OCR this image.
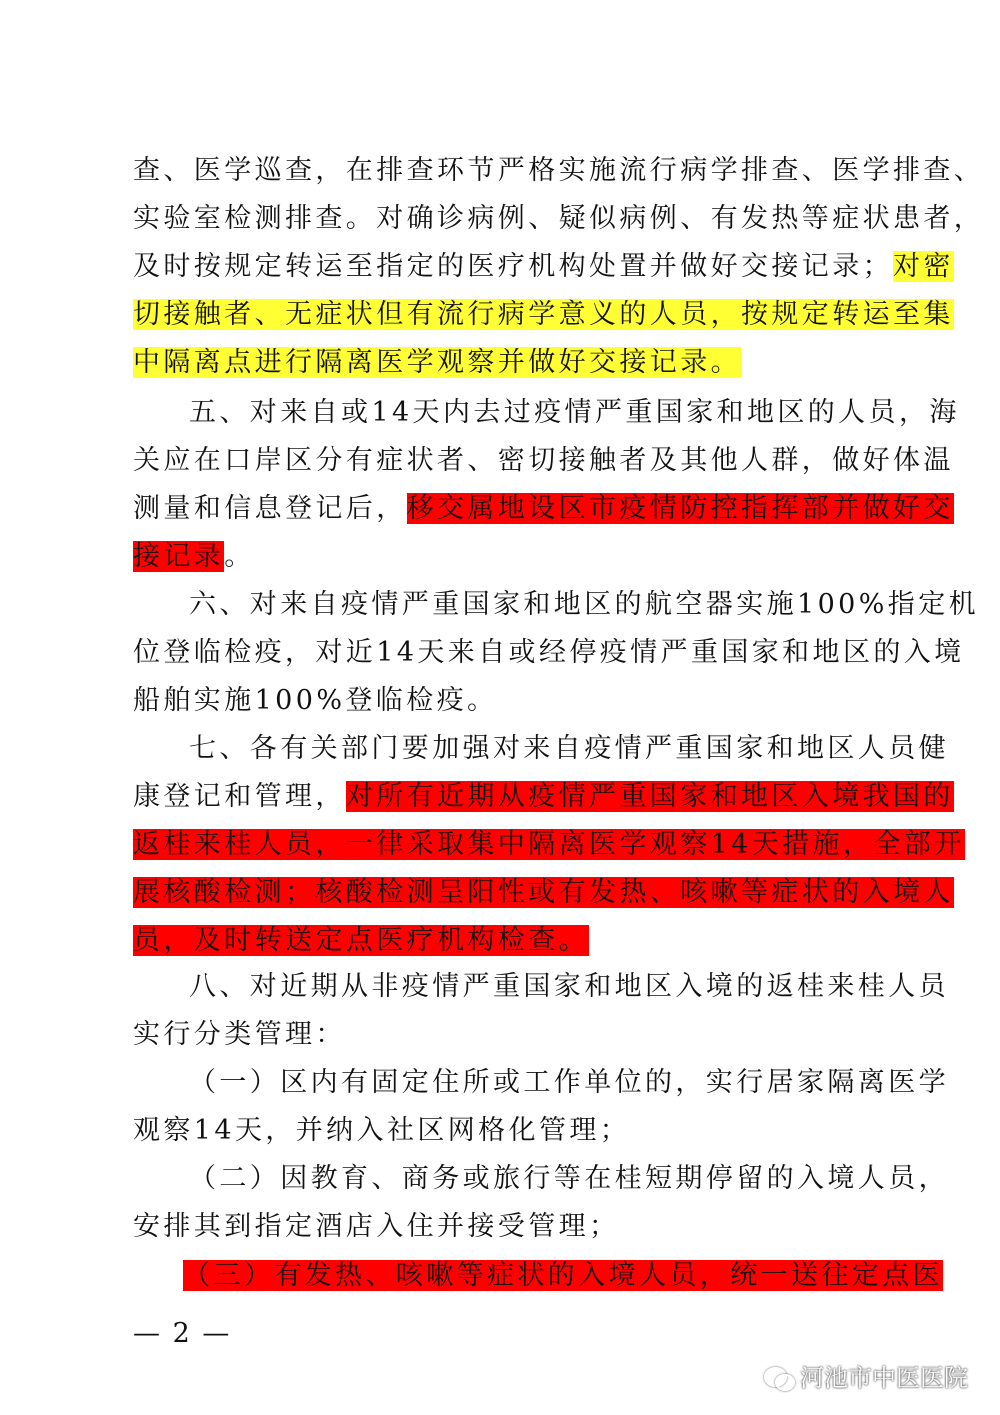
查、医学巡查，在排查环节严格实施流行病学排查、医学排查、
实验室检测排查。对确诊病例、疑似病例、有发热等症状患者，
及时按规定转运至指定的医疗机构处置并做好交接记录；对密
切接触者、无症状但有流行病学意义的人员，按规定转运至集
中隔离点进行隔离医学观察并做好交接记录。
五、对来自或14天内去过疫情严重国家和地区的人员，海
关应在口岸区分有症状者、密切接触者及其他人群，做好体温
测量和信息登记后，移交属地设区市疫情防控指挥部并做好交
接记录。
六、对来自疫情严重国家和地区的航空器实施100%指定机
位登临检疫，对近14天来自或经停疫情严重国家和地区的入境
船舶实施100%登临检疫。
七、各有关部门要加强对来自疫情严重国家和地区人员健
康登记和管理，对所有近期从疫情严重国家和地区入境我国的
返桂来桂人员，一律采取集中隔离医学观察14天措施，全部开
展核酸检测；核酸检测呈阳性或有发热、咳嗽等症状的入境人
员，及时转送定点医疗机构检查。
八、对近期从非疫情严重国家和地区入境的返桂来桂人员
实行分类管理：
（一）区内有固定住所或工作单位的，实行居家隔离医学
观察14天，并纳入社区网格化管理；
（二）因教育、商务或旅行等在桂短期停留的入境人员，
安排其到指定酒店入住并接受管理；
（三）有发热、咳嗽等症状的入境人员，统一送往定点医
— 2 —
河池市中医医院
